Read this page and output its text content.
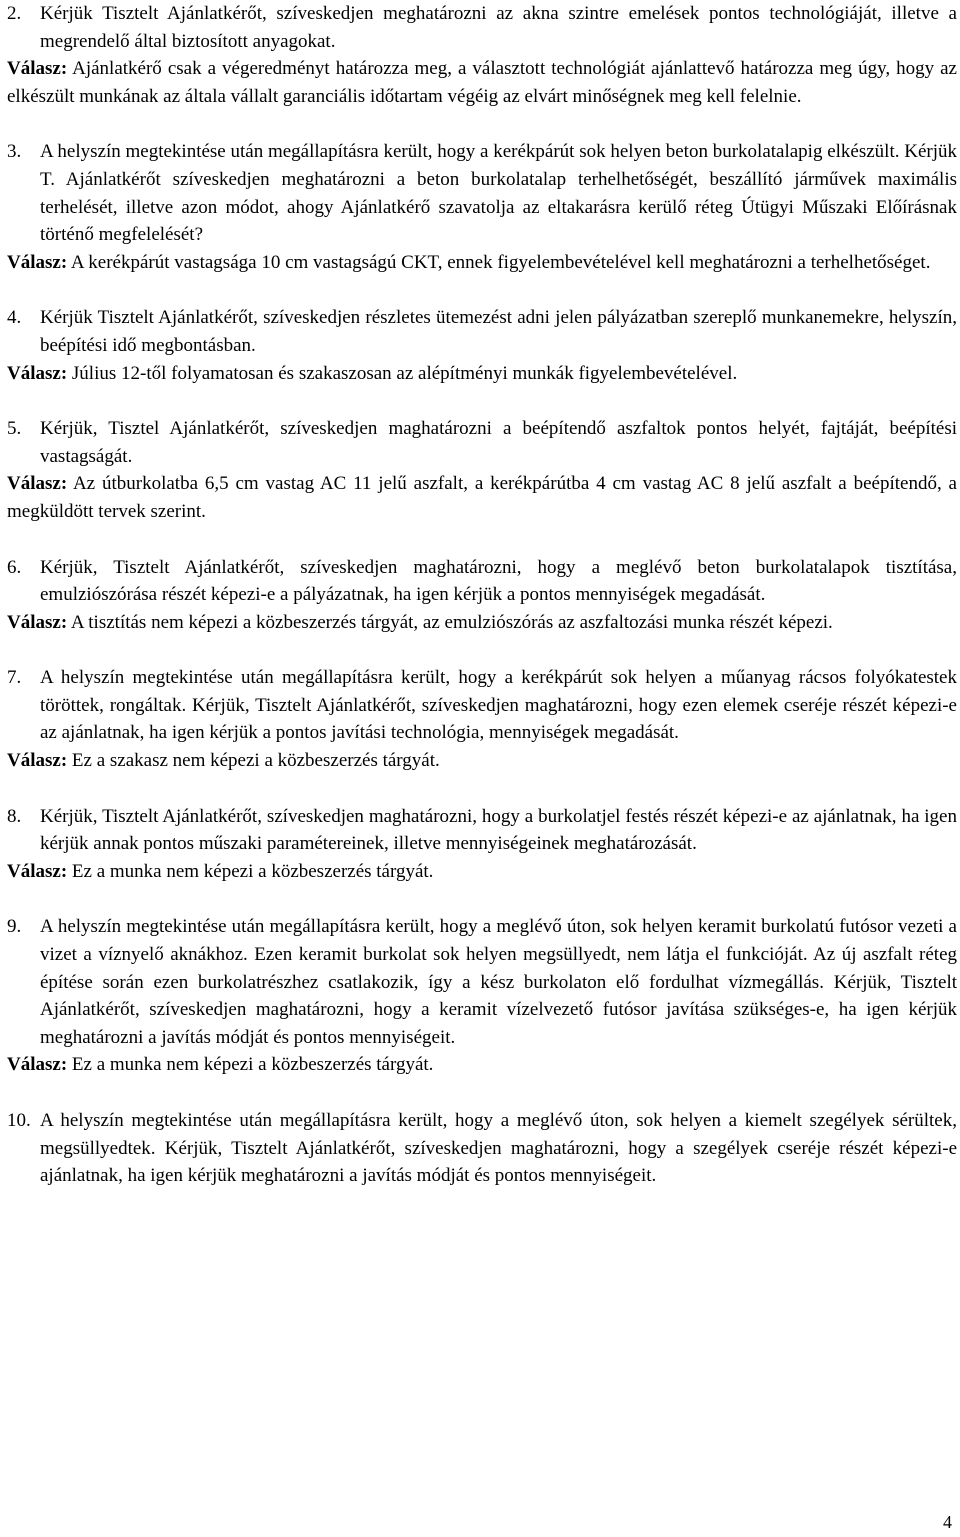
2. Kérjük Tisztelt Ajánlatkérőt, szíveskedjen meghatározni az akna szintre emelések pontos technológiáját, illetve a megrendelő által biztosított anyagokat.
Válasz: Ajánlatkérő csak a végeredményt határozza meg, a választott technológiát ajánlattevő határozza meg úgy, hogy az elkészült munkának az általa vállalt garanciális időtartam végéig az elvárt minőségnek meg kell felelnie.
3. A helyszín megtekintése után megállapításra került, hogy a kerékpárút sok helyen beton burkolatalapig elkészült. Kérjük T. Ajánlatkérőt szíveskedjen meghatározni a beton burkolatalap terhelhetőségét, beszállító járművek maximális terhelését, illetve azon módot, ahogy Ajánlatkérő szavatolja az eltakarásra kerülő réteg Útügyi Műszaki Előírásnak történő megfelelését?
Válasz: A kerékpárút vastagsága 10 cm vastagságú CKT, ennek figyelembevételével kell meghatározni a terhelhetőséget.
4. Kérjük Tisztelt Ajánlatkérőt, szíveskedjen részletes ütemezést adni jelen pályázatban szereplő munkanemekre, helyszín, beépítési idő megbontásban.
Válasz: Július 12-től folyamatosan és szakaszosan az alépítményi munkák figyelembevételével.
5. Kérjük, Tisztel Ajánlatkérőt, szíveskedjen maghatározni a beépítendő aszfaltok pontos helyét, fajtáját, beépítési vastagságát.
Válasz: Az útburkolatba 6,5 cm vastag AC 11 jelű aszfalt, a kerékpárútba 4 cm vastag AC 8 jelű aszfalt a beépítendő, a megküldött tervek szerint.
6. Kérjük, Tisztelt Ajánlatkérőt, szíveskedjen maghatározni, hogy a meglévő beton burkolatalapok tisztítása, emulziószórása részét képezi-e a pályázatnak, ha igen kérjük a pontos mennyiségek megadását.
Válasz: A tisztítás nem képezi a közbeszerzés tárgyát, az emulziószórás az aszfaltozási munka részét képezi.
7. A helyszín megtekintése után megállapításra került, hogy a kerékpárút sok helyen a műanyag rácsos folyókatestek töröttek, rongáltak. Kérjük, Tisztelt Ajánlatkérőt, szíveskedjen maghatározni, hogy ezen elemek cseréje részét képezi-e az ajánlatnak, ha igen kérjük a pontos javítási technológia, mennyiségek megadását.
Válasz: Ez a szakasz nem képezi a közbeszerzés tárgyát.
8. Kérjük, Tisztelt Ajánlatkérőt, szíveskedjen maghatározni, hogy a burkolatjel festés részét képezi-e az ajánlatnak, ha igen kérjük annak pontos műszaki paramétereinek, illetve mennyiségeinek meghatározását.
Válasz: Ez a munka nem képezi a közbeszerzés tárgyát.
9. A helyszín megtekintése után megállapításra került, hogy a meglévő úton, sok helyen keramit burkolatú futósor vezeti a vizet a víznyelő aknákhoz. Ezen keramit burkolat sok helyen megsüllyedt, nem látja el funkcióját. Az új aszfalt réteg építése során ezen burkolatrészhez csatlakozik, így a kész burkolaton elő fordulhat vízmegállás. Kérjük, Tisztelt Ajánlatkérőt, szíveskedjen maghatározni, hogy a keramit vízelvezető futósor javítása szükséges-e, ha igen kérjük meghatározni a javítás módját és pontos mennyiségeit.
Válasz: Ez a munka nem képezi a közbeszerzés tárgyát.
10. A helyszín megtekintése után megállapításra került, hogy a meglévő úton, sok helyen a kiemelt szegélyek sérültek, megsüllyedtek. Kérjük, Tisztelt Ajánlatkérőt, szíveskedjen maghatározni, hogy a szegélyek cseréje részét képezi-e ajánlatnak, ha igen kérjük meghatározni a javítás módját és pontos mennyiségeit.
4
